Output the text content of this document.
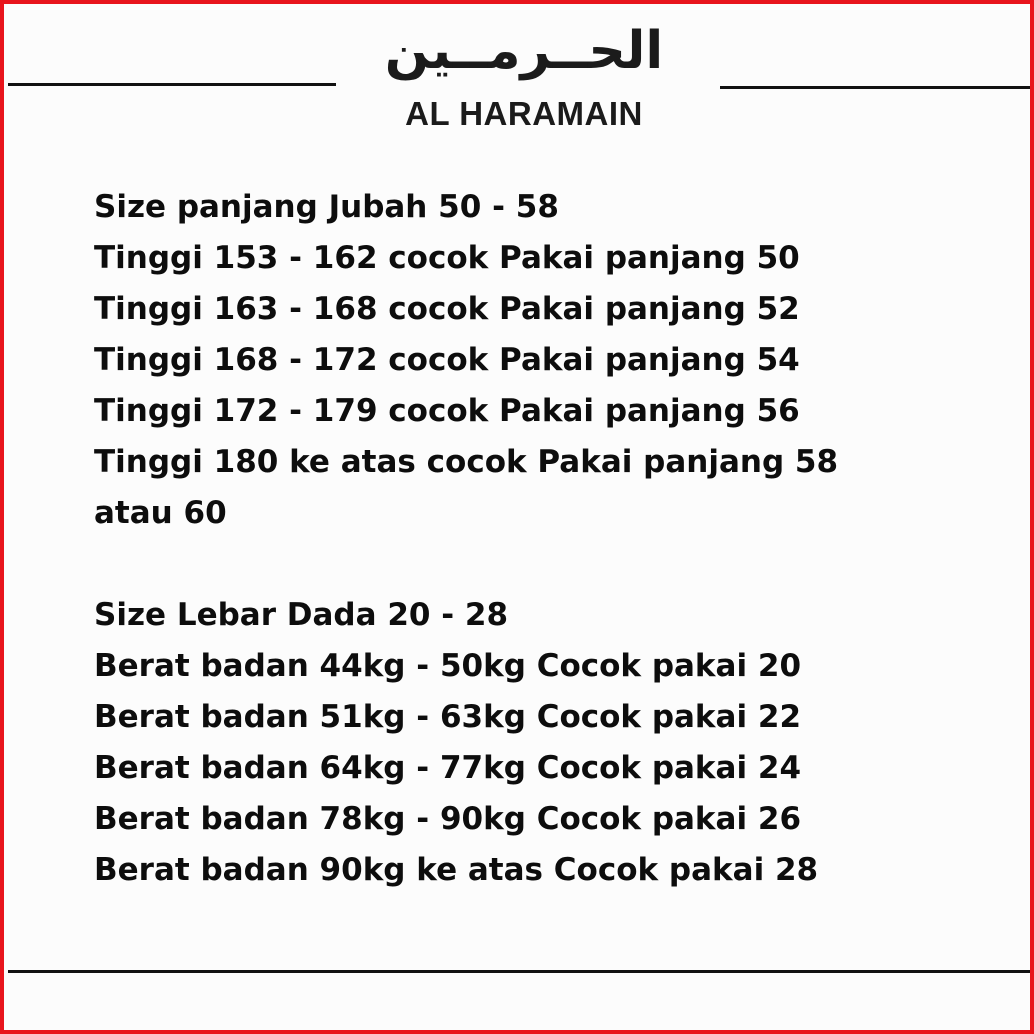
الحــرمــين
AL HARAMAIN
Size panjang Jubah 50 - 58
Tinggi 153 - 162 cocok Pakai panjang 50
Tinggi 163 - 168 cocok Pakai panjang 52
Tinggi 168 - 172 cocok Pakai panjang 54
Tinggi 172 - 179 cocok Pakai panjang 56
Tinggi 180 ke atas cocok Pakai panjang 58
atau 60
Size Lebar Dada 20 - 28
Berat badan 44kg - 50kg Cocok pakai 20
Berat badan 51kg - 63kg Cocok pakai 22
Berat badan 64kg - 77kg Cocok pakai 24
Berat badan 78kg - 90kg Cocok pakai 26
Berat badan 90kg ke atas Cocok pakai 28
